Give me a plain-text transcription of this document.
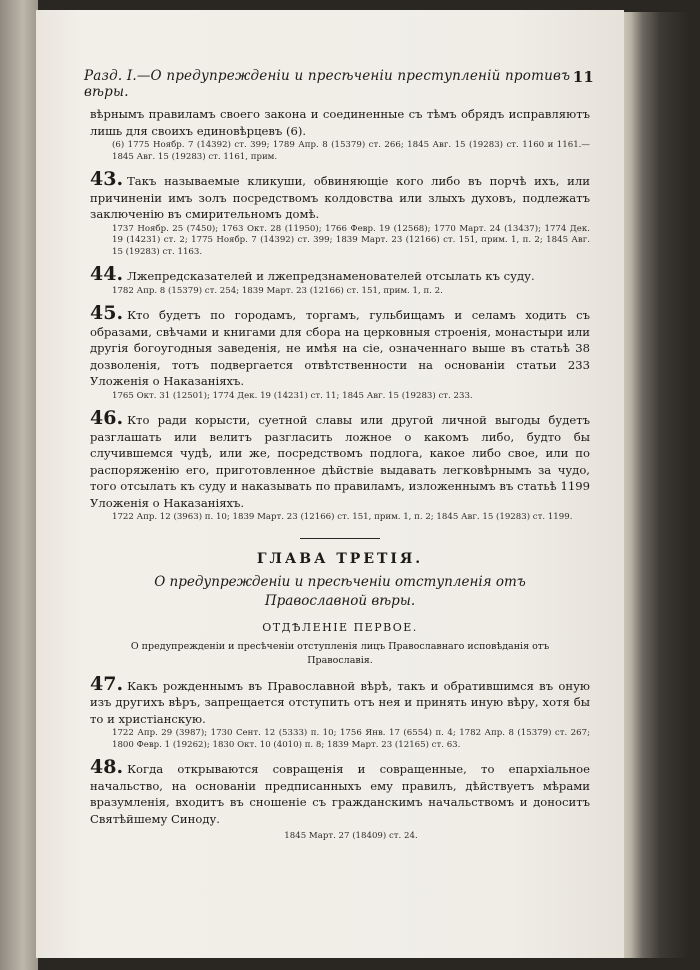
Разд. I.—О предупрежденіи и пресѣченіи преступленій противъ вѣры.
11

вѣрнымъ правиламъ своего закона и соединенные съ тѣмъ обрядъ исправляютъ лишь для своихъ единовѣрцевъ (6).

(6) 1775 Ноябр. 7 (14392) ст. 399; 1789 Апр. 8 (15379) ст. 266; 1845 Авг. 15 (19283) ст. 1160 и 1161.— 1845 Авг. 15 (19283) ст. 1161, прим.

43. Такъ называемые кликуши, обвиняющіе кого либо въ порчѣ ихъ, или причиненіи имъ золъ посредствомъ колдовства или злыхъ духовъ, подлежатъ заключенію въ смирительномъ домѣ.

1737 Ноябр. 25 (7450); 1763 Окт. 28 (11950); 1766 Февр. 19 (12568); 1770 Март. 24 (13437); 1774 Дек. 19 (14231) ст. 2; 1775 Ноябр. 7 (14392) ст. 399; 1839 Март. 23 (12166) ст. 151, прим. 1, п. 2; 1845 Авг. 15 (19283) ст. 1163.

44. Лжепредсказателей и лжепредзнаменователей отсылать къ суду.

1782 Апр. 8 (15379) ст. 254; 1839 Март. 23 (12166) ст. 151, прим. 1, п. 2.

45. Кто будетъ по городамъ, торгамъ, гульбищамъ и селамъ ходить съ образами, свѣчами и книгами для сбора на церковныя строенія, монастыри или другія богоугодныя заведенія, не имѣя на сіе, означеннаго выше въ статьѣ 38 дозволенія, тотъ подвергается отвѣтственности на основаніи статьи 233 Уложенія о Наказаніяхъ.

1765 Окт. 31 (12501); 1774 Дек. 19 (14231) ст. 11; 1845 Авг. 15 (19283) ст. 233.

46. Кто ради корысти, суетной славы или другой личной выгоды будетъ разглашать или велитъ разгласить ложное о какомъ либо, будто бы случившемся чудѣ, или же, посредствомъ подлога, какое либо свое, или по распоряженію его, приготовленное дѣйствіе выдавать легковѣрнымъ за чудо, того отсылать къ суду и наказывать по правиламъ, изложеннымъ въ статьѣ 1199 Уложенія о Наказаніяхъ.

1722 Апр. 12 (3963) п. 10; 1839 Март. 23 (12166) ст. 151, прим. 1, п. 2; 1845 Авг. 15 (19283) ст. 1199.

ГЛАВА ТРЕТІЯ.
О предупрежденіи и пресѣченіи отступленія отъ Православной вѣры.
ОТДѢЛЕНІЕ ПЕРВОЕ.
О предупрежденіи и пресѣченіи отступленія лицъ Православнаго исповѣданія отъ Православія.

47. Какъ рожденнымъ въ Православной вѣрѣ, такъ и обратившимся въ оную изъ другихъ вѣръ, запрещается отступить отъ нея и принять иную вѣру, хотя бы то и христіанскую.

1722 Апр. 29 (3987); 1730 Сент. 12 (5333) п. 10; 1756 Янв. 17 (6554) п. 4; 1782 Апр. 8 (15379) ст. 267; 1800 Февр. 1 (19262); 1830 Окт. 10 (4010) п. 8; 1839 Март. 23 (12165) ст. 63.

48. Когда открываются совращенія и совращенные, то епархіальное начальство, на основаніи предписанныхъ ему правилъ, дѣйствуетъ мѣрами вразумленія, входитъ въ сношеніе съ гражданскимъ начальствомъ и доноситъ Святѣйшему Синоду.

1845 Март. 27 (18409) ст. 24.
